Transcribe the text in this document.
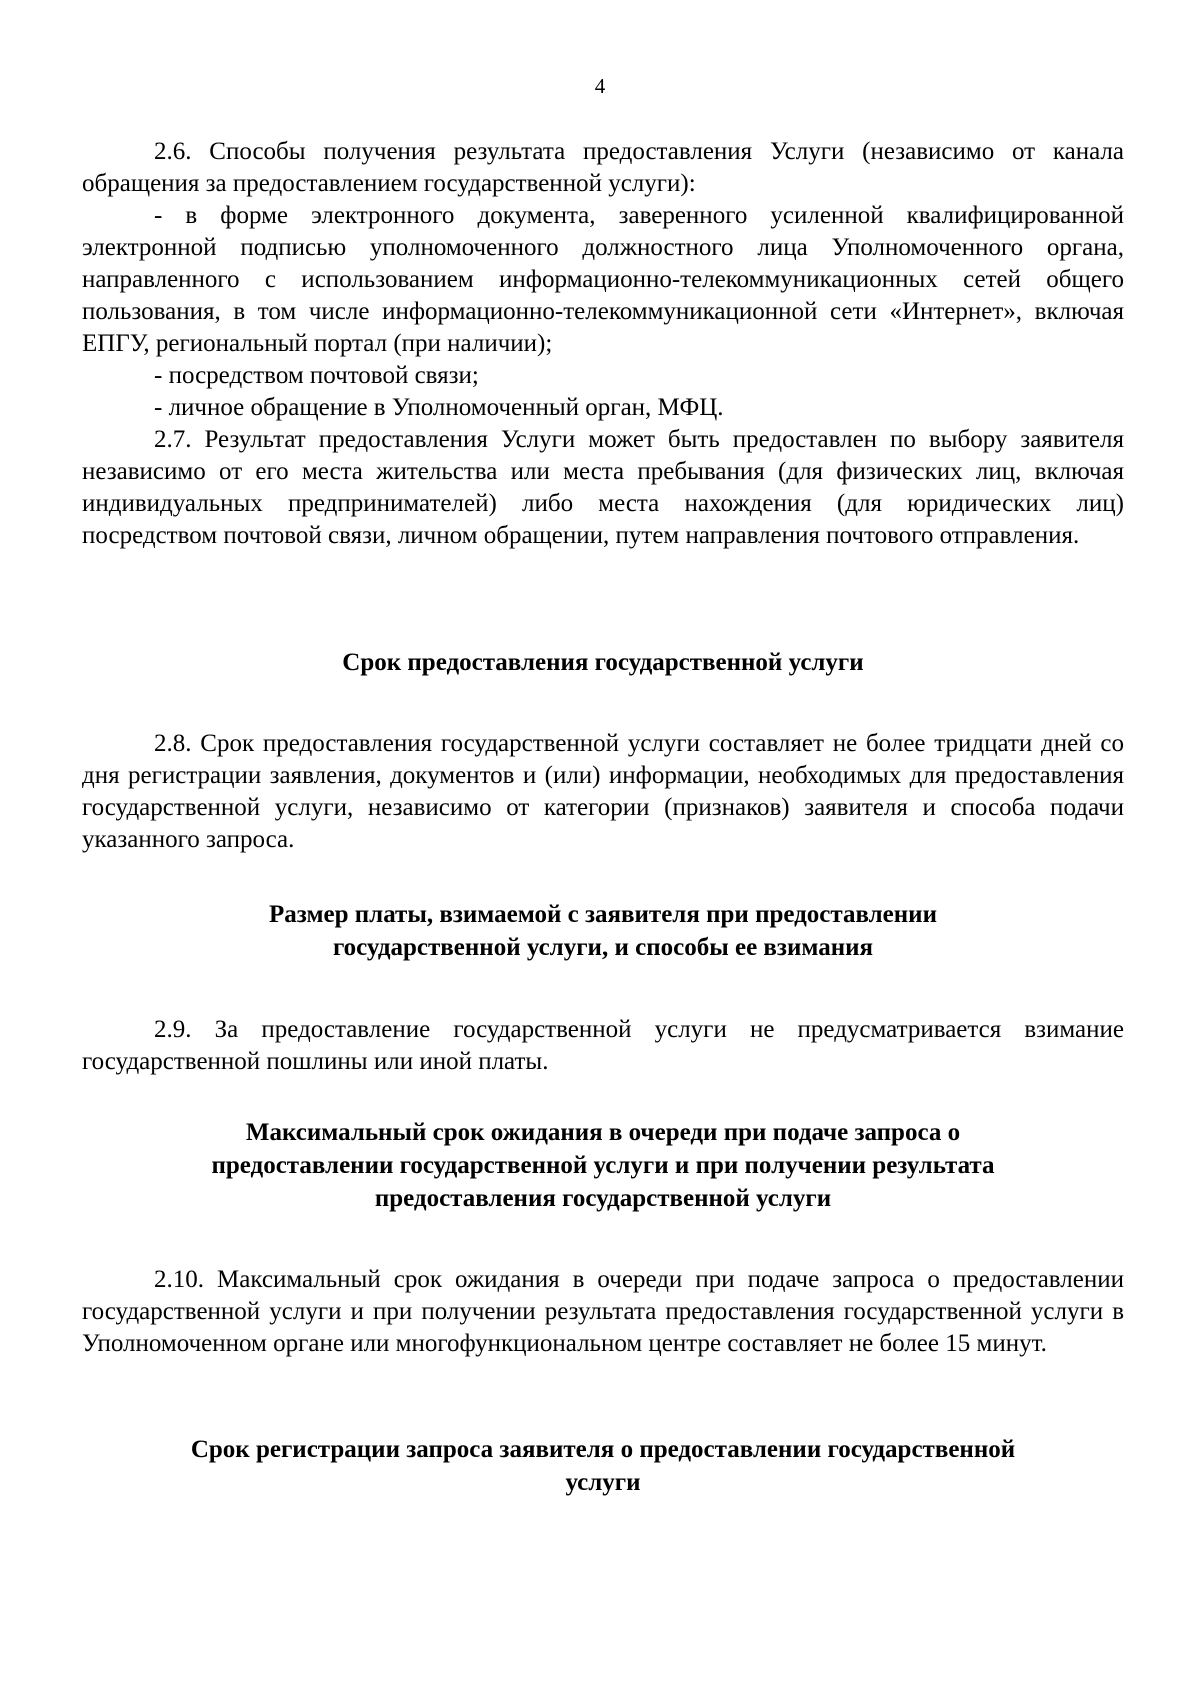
4

2.6. Способы получения результата предоставления Услуги (независимо от канала обращения за предоставлением государственной услуги):

- в форме электронного документа, заверенного усиленной квалифицированной электронной подписью уполномоченного должностного лица Уполномоченного органа, направленного с использованием информационно-телекоммуникационных сетей общего пользования, в том числе информационно-телекоммуникационной сети «Интернет», включая ЕПГУ, региональный портал (при наличии);

- посредством почтовой связи;

- личное обращение в Уполномоченный орган, МФЦ.

2.7. Результат предоставления Услуги может быть предоставлен по выбору заявителя независимо от его места жительства или места пребывания (для физических лиц, включая индивидуальных предпринимателей) либо места нахождения (для юридических лиц) посредством почтовой связи, личном обращении, путем направления почтового отправления.

Срок предоставления государственной услуги

2.8. Срок предоставления государственной услуги составляет не более тридцати дней со дня регистрации заявления, документов и (или) информации, необходимых для предоставления государственной услуги, независимо от категории (признаков) заявителя и способа подачи указанного запроса.

Размер платы, взимаемой с заявителя при предоставлении
государственной услуги, и способы ее взимания

2.9. За предоставление государственной услуги не предусматривается взимание государственной пошлины или иной платы.

Максимальный срок ожидания в очереди при подаче запроса о
предоставлении государственной услуги и при получении результата
предоставления государственной услуги

2.10. Максимальный срок ожидания в очереди при подаче запроса о предоставлении государственной услуги и при получении результата предоставления государственной услуги в Уполномоченном органе или многофункциональном центре составляет не более 15 минут.

Срок регистрации запроса заявителя о предоставлении государственной
услуги
